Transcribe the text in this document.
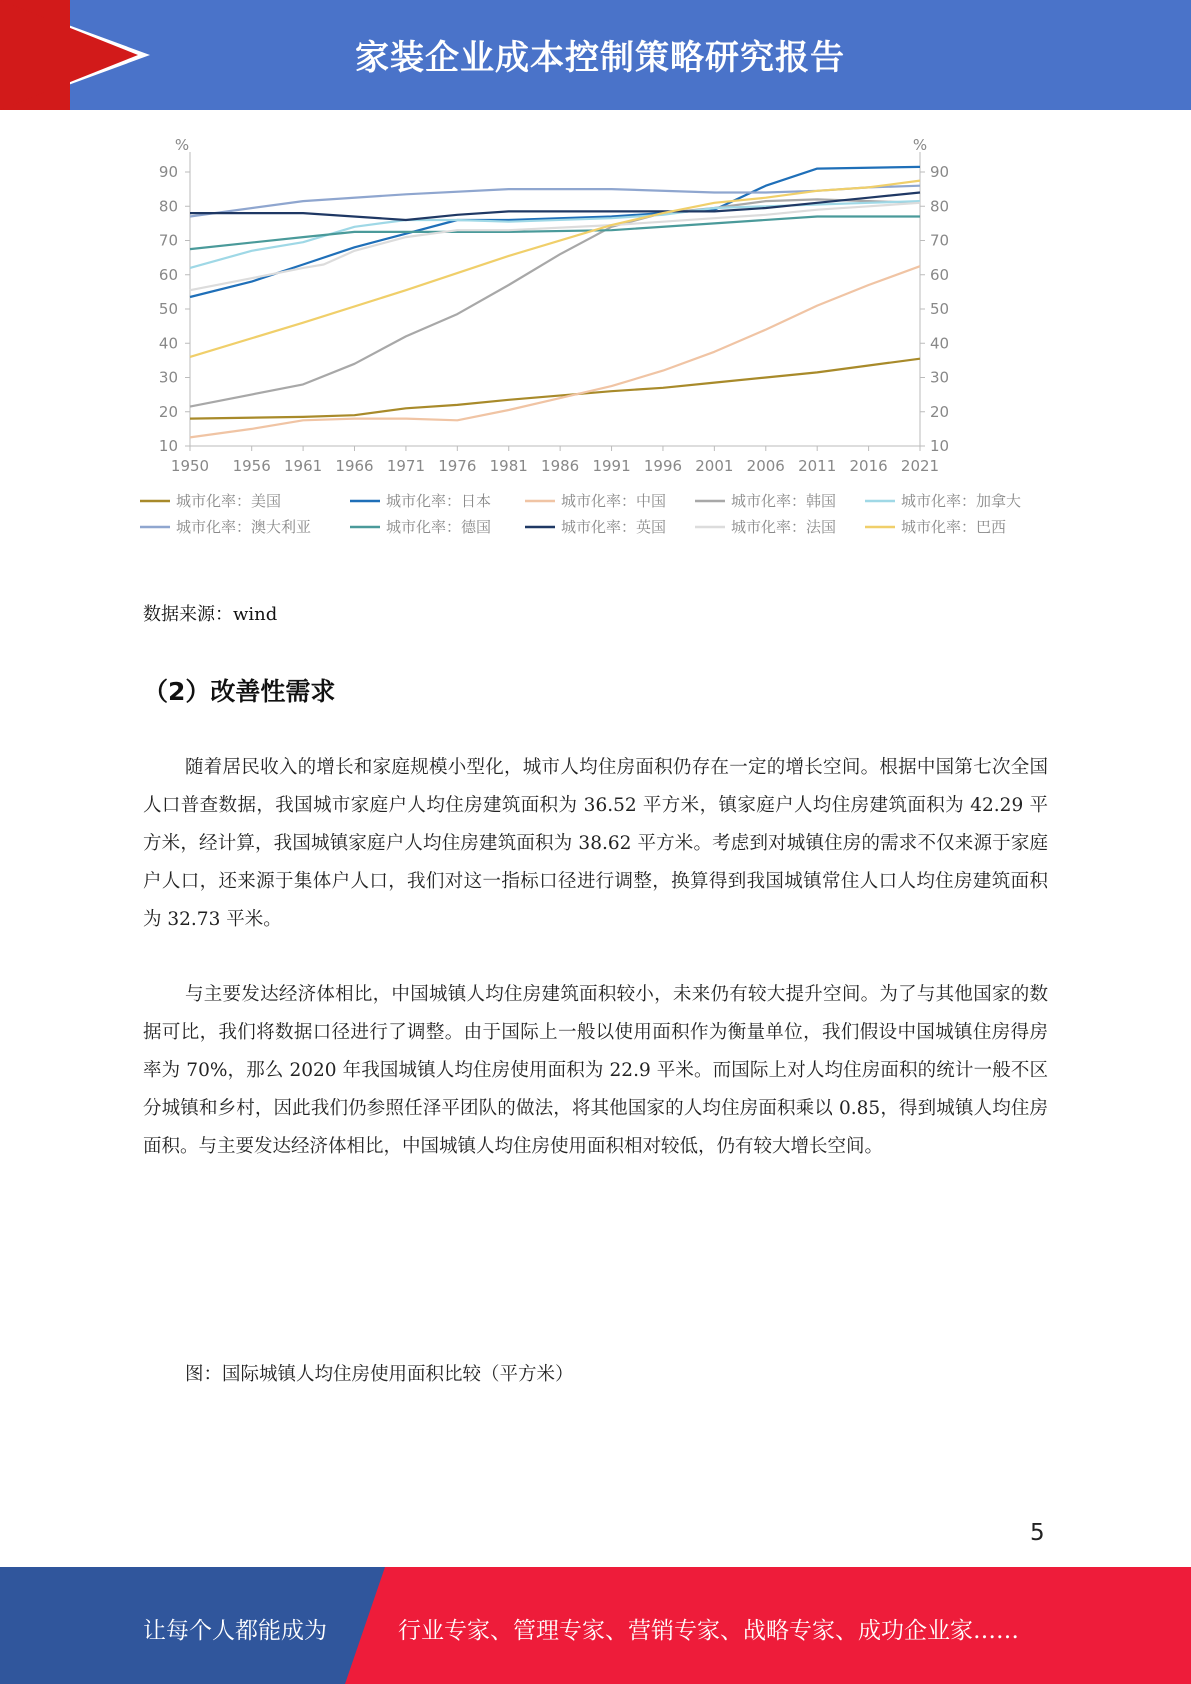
家装企业成本控制策略研究报告
%	%
10	10
20	20
30	30
40	40
50	50
60	60
70	70
80	80
90	90
1950 1956 1961 1966 1971 1976 1981 1986 1991 1996 2001 2006 2011 2016 2021
城市化率：美国	城市化率：日本	城市化率：中国	城市化率：韩国	城市化率：加拿大
城市化率：澳大利亚	城市化率：德国	城市化率：英国	城市化率：法国	城市化率：巴西
数据来源：wind
（2）改善性需求

随着居民收入的增长和家庭规模小型化，城市人均住房面积仍存在一定的增长空间。根据中国第七次全国人口普查数据，我国城市家庭户人均住房建筑面积为 36.52 平方米，镇家庭户人均住房建筑面积为 42.29 平方米，经计算，我国城镇家庭户人均住房建筑面积为 38.62 平方米。考虑到对城镇住房的需求不仅来源于家庭户人口，还来源于集体户人口，我们对这一指标口径进行调整，换算得到我国城镇常住人口人均住房建筑面积为 32.73 平米。

与主要发达经济体相比，中国城镇人均住房建筑面积较小，未来仍有较大提升空间。为了与其他国家的数据可比，我们将数据口径进行了调整。由于国际上一般以使用面积作为衡量单位，我们假设中国城镇住房得房率为 70%，那么 2020 年我国城镇人均住房使用面积为 22.9 平米。而国际上对人均住房面积的统计一般不区分城镇和乡村，因此我们仍参照任泽平团队的做法，将其他国家的人均住房面积乘以 0.85，得到城镇人均住房面积。与主要发达经济体相比，中国城镇人均住房使用面积相对较低，仍有较大增长空间。

图：国际城镇人均住房使用面积比较（平方米）
5
让每个人都能成为	行业专家、管理专家、营销专家、战略专家、成功企业家……
